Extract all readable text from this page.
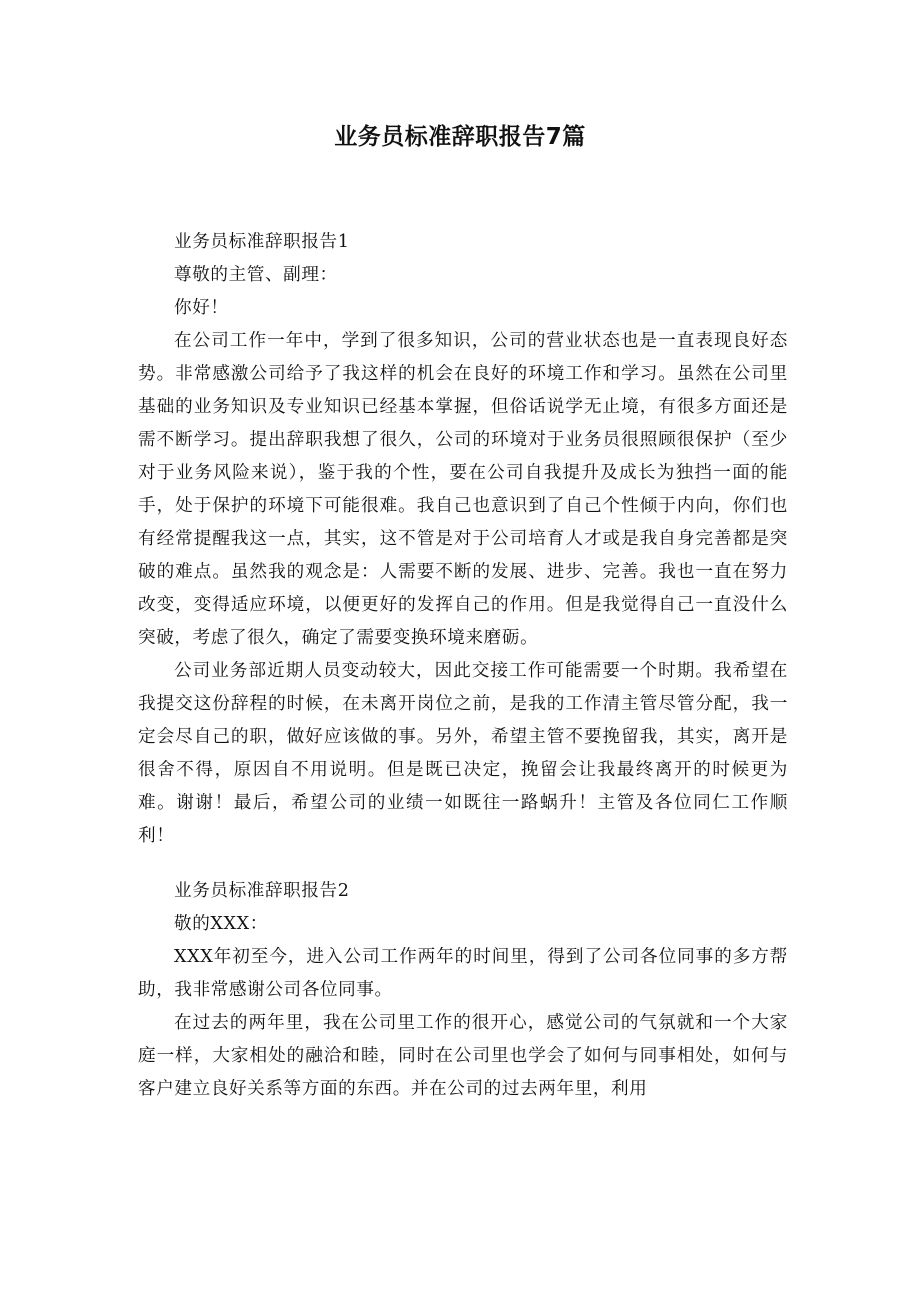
业务员标准辞职报告7篇

业务员标准辞职报告1

尊敬的主管、副理：

你好！

在公司工作一年中，学到了很多知识，公司的营业状态也是一直表现良好态势。非常感激公司给予了我这样的机会在良好的环境工作和学习。虽然在公司里基础的业务知识及专业知识已经基本掌握，但俗话说学无止境，有很多方面还是需不断学习。提出辞职我想了很久，公司的环境对于业务员很照顾很保护（至少对于业务风险来说），鉴于我的个性，要在公司自我提升及成长为独挡一面的能手，处于保护的环境下可能很难。我自己也意识到了自己个性倾于内向，你们也有经常提醒我这一点，其实，这不管是对于公司培育人才或是我自身完善都是突破的难点。虽然我的观念是：人需要不断的发展、进步、完善。我也一直在努力改变，变得适应环境，以便更好的发挥自己的作用。但是我觉得自己一直没什么突破，考虑了很久，确定了需要变换环境来磨砺。

公司业务部近期人员变动较大，因此交接工作可能需要一个时期。我希望在我提交这份辞程的时候，在未离开岗位之前，是我的工作清主管尽管分配，我一定会尽自己的职，做好应该做的事。另外，希望主管不要挽留我，其实，离开是很舍不得，原因自不用说明。但是既已决定，挽留会让我最终离开的时候更为难。谢谢！最后，希望公司的业绩一如既往一路蜗升！主管及各位同仁工作顺利！

业务员标准辞职报告2

敬的XXX：

XXX年初至今，进入公司工作两年的时间里，得到了公司各位同事的多方帮助，我非常感谢公司各位同事。

在过去的两年里，我在公司里工作的很开心，感觉公司的气氛就和一个大家庭一样，大家相处的融洽和睦，同时在公司里也学会了如何与同事相处，如何与客户建立良好关系等方面的东西。并在公司的过去两年里，利用
